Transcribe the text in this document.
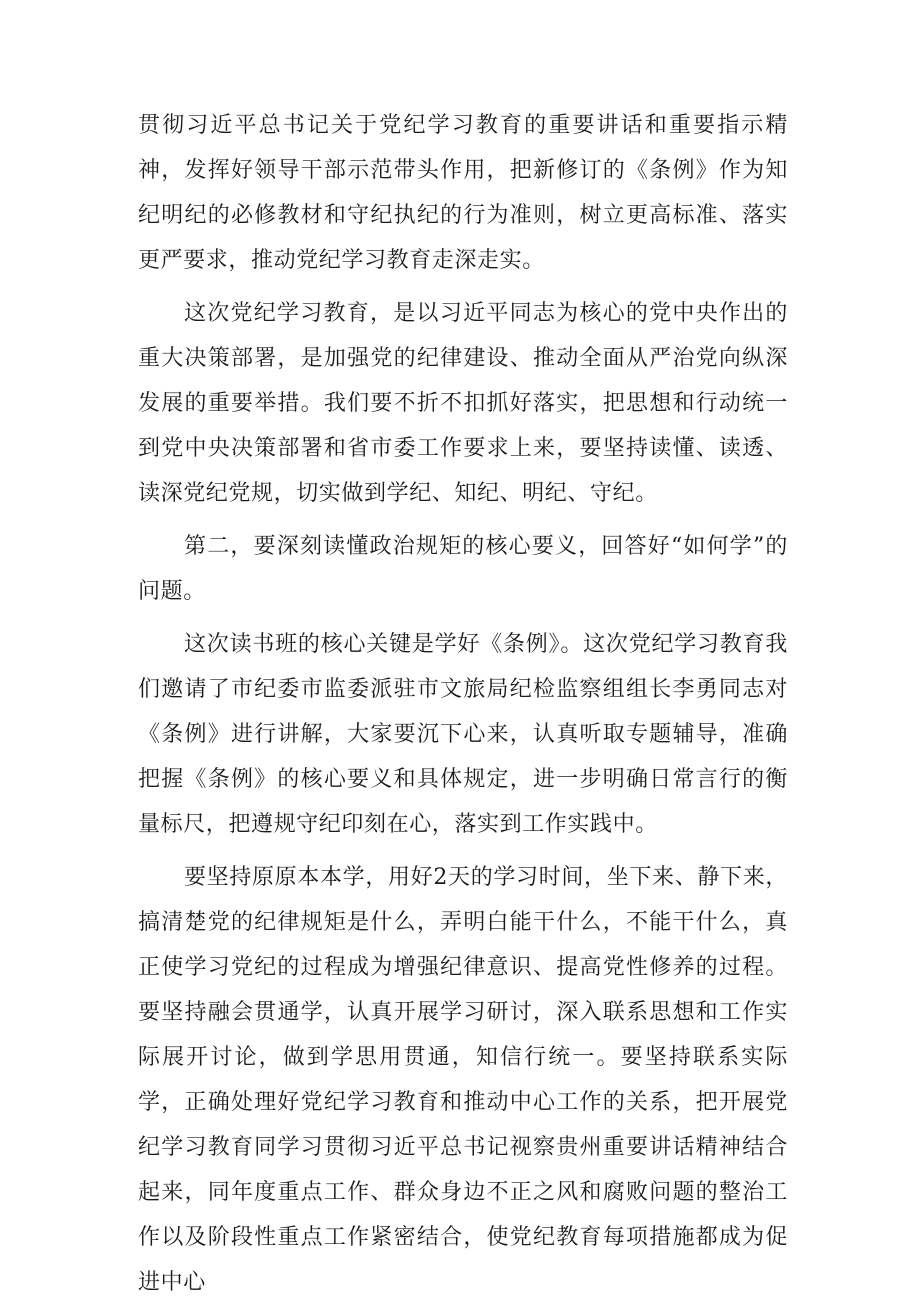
贯彻习近平总书记关于党纪学习教育的重要讲话和重要指示精神，发挥好领导干部示范带头作用，把新修订的《条例》作为知纪明纪的必修教材和守纪执纪的行为准则，树立更高标准、落实更严要求，推动党纪学习教育走深走实。

这次党纪学习教育，是以习近平同志为核心的党中央作出的重大决策部署，是加强党的纪律建设、推动全面从严治党向纵深发展的重要举措。我们要不折不扣抓好落实，把思想和行动统一到党中央决策部署和省市委工作要求上来，要坚持读懂、读透、读深党纪党规，切实做到学纪、知纪、明纪、守纪。

第二，要深刻读懂政治规矩的核心要义，回答好“如何学”的问题。

这次读书班的核心关键是学好《条例》。这次党纪学习教育我们邀请了市纪委市监委派驻市文旅局纪检监察组组长李勇同志对《条例》进行讲解，大家要沉下心来，认真听取专题辅导，准确把握《条例》的核心要义和具体规定，进一步明确日常言行的衡量标尺，把遵规守纪印刻在心，落实到工作实践中。

要坚持原原本本学，用好2天的学习时间，坐下来、静下来，搞清楚党的纪律规矩是什么，弄明白能干什么，不能干什么，真正使学习党纪的过程成为增强纪律意识、提高党性修养的过程。要坚持融会贯通学，认真开展学习研讨，深入联系思想和工作实际展开讨论，做到学思用贯通，知信行统一。要坚持联系实际学，正确处理好党纪学习教育和推动中心工作的关系，把开展党纪学习教育同学习贯彻习近平总书记视察贵州重要讲话精神结合起来，同年度重点工作、群众身边不正之风和腐败问题的整治工作以及阶段性重点工作紧密结合，使党纪教育每项措施都成为促进中心
